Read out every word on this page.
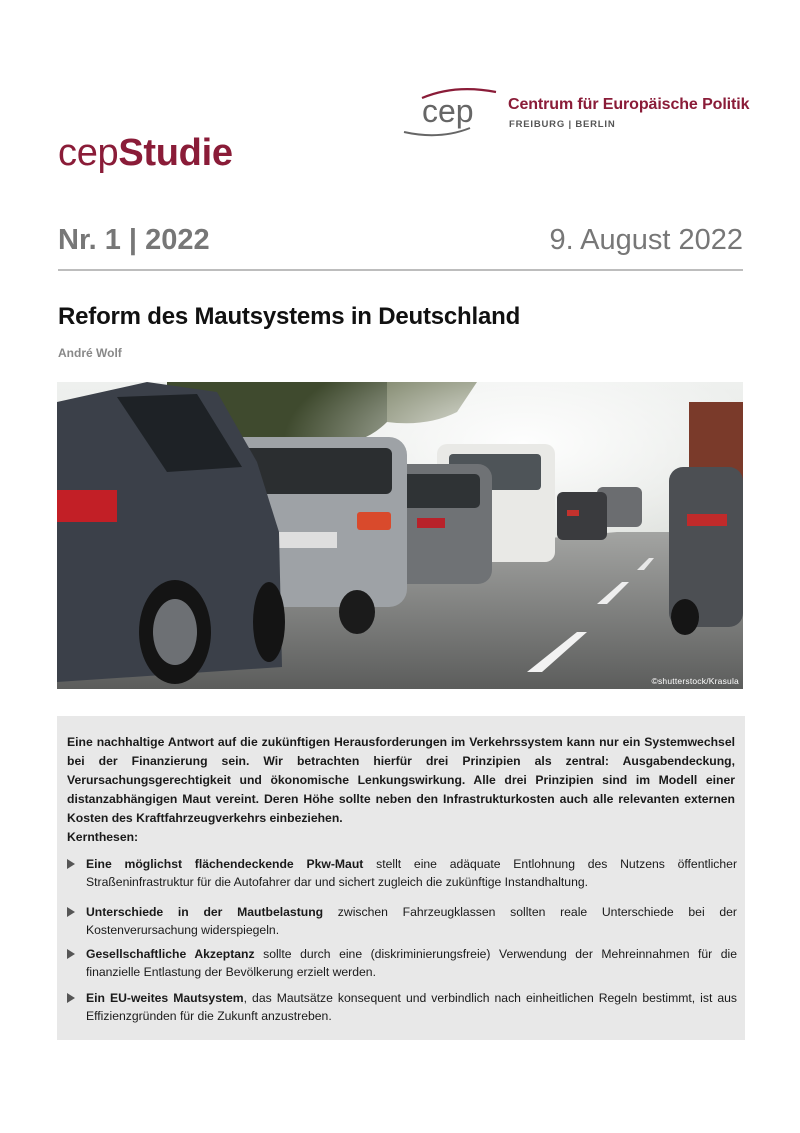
cep Centrum für Europäische Politik
FREIBURG | BERLIN
cepStudie
Nr. 1 | 2022	9. August 2022
Reform des Mautsystems in Deutschland
André Wolf
©shutterstock/Krasula
Eine nachhaltige Antwort auf die zukünftigen Herausforderungen im Verkehrssystem kann nur ein Systemwechsel bei der Finanzierung sein. Wir betrachten hierfür drei Prinzipien als zentral: Ausgabendeckung, Verursachungsgerechtigkeit und ökonomische Lenkungswirkung. Alle drei Prinzipien sind im Modell einer distanzabhängigen Maut vereint. Deren Höhe sollte neben den Infrastrukturkosten auch alle relevanten externen Kosten des Kraftfahrzeugverkehrs einbeziehen.
Kernthesen:
Eine möglichst flächendeckende Pkw-Maut stellt eine adäquate Entlohnung des Nutzens öffentlicher Straßeninfrastruktur für die Autofahrer dar und sichert zugleich die zukünftige Instandhaltung.
Unterschiede in der Mautbelastung zwischen Fahrzeugklassen sollten reale Unterschiede bei der Kostenverursachung widerspiegeln.
Gesellschaftliche Akzeptanz sollte durch eine (diskriminierungsfreie) Verwendung der Mehreinnahmen für die finanzielle Entlastung der Bevölkerung erzielt werden.
Ein EU-weites Mautsystem, das Mautsätze konsequent und verbindlich nach einheitlichen Regeln bestimmt, ist aus Effizienzgründen für die Zukunft anzustreben.
